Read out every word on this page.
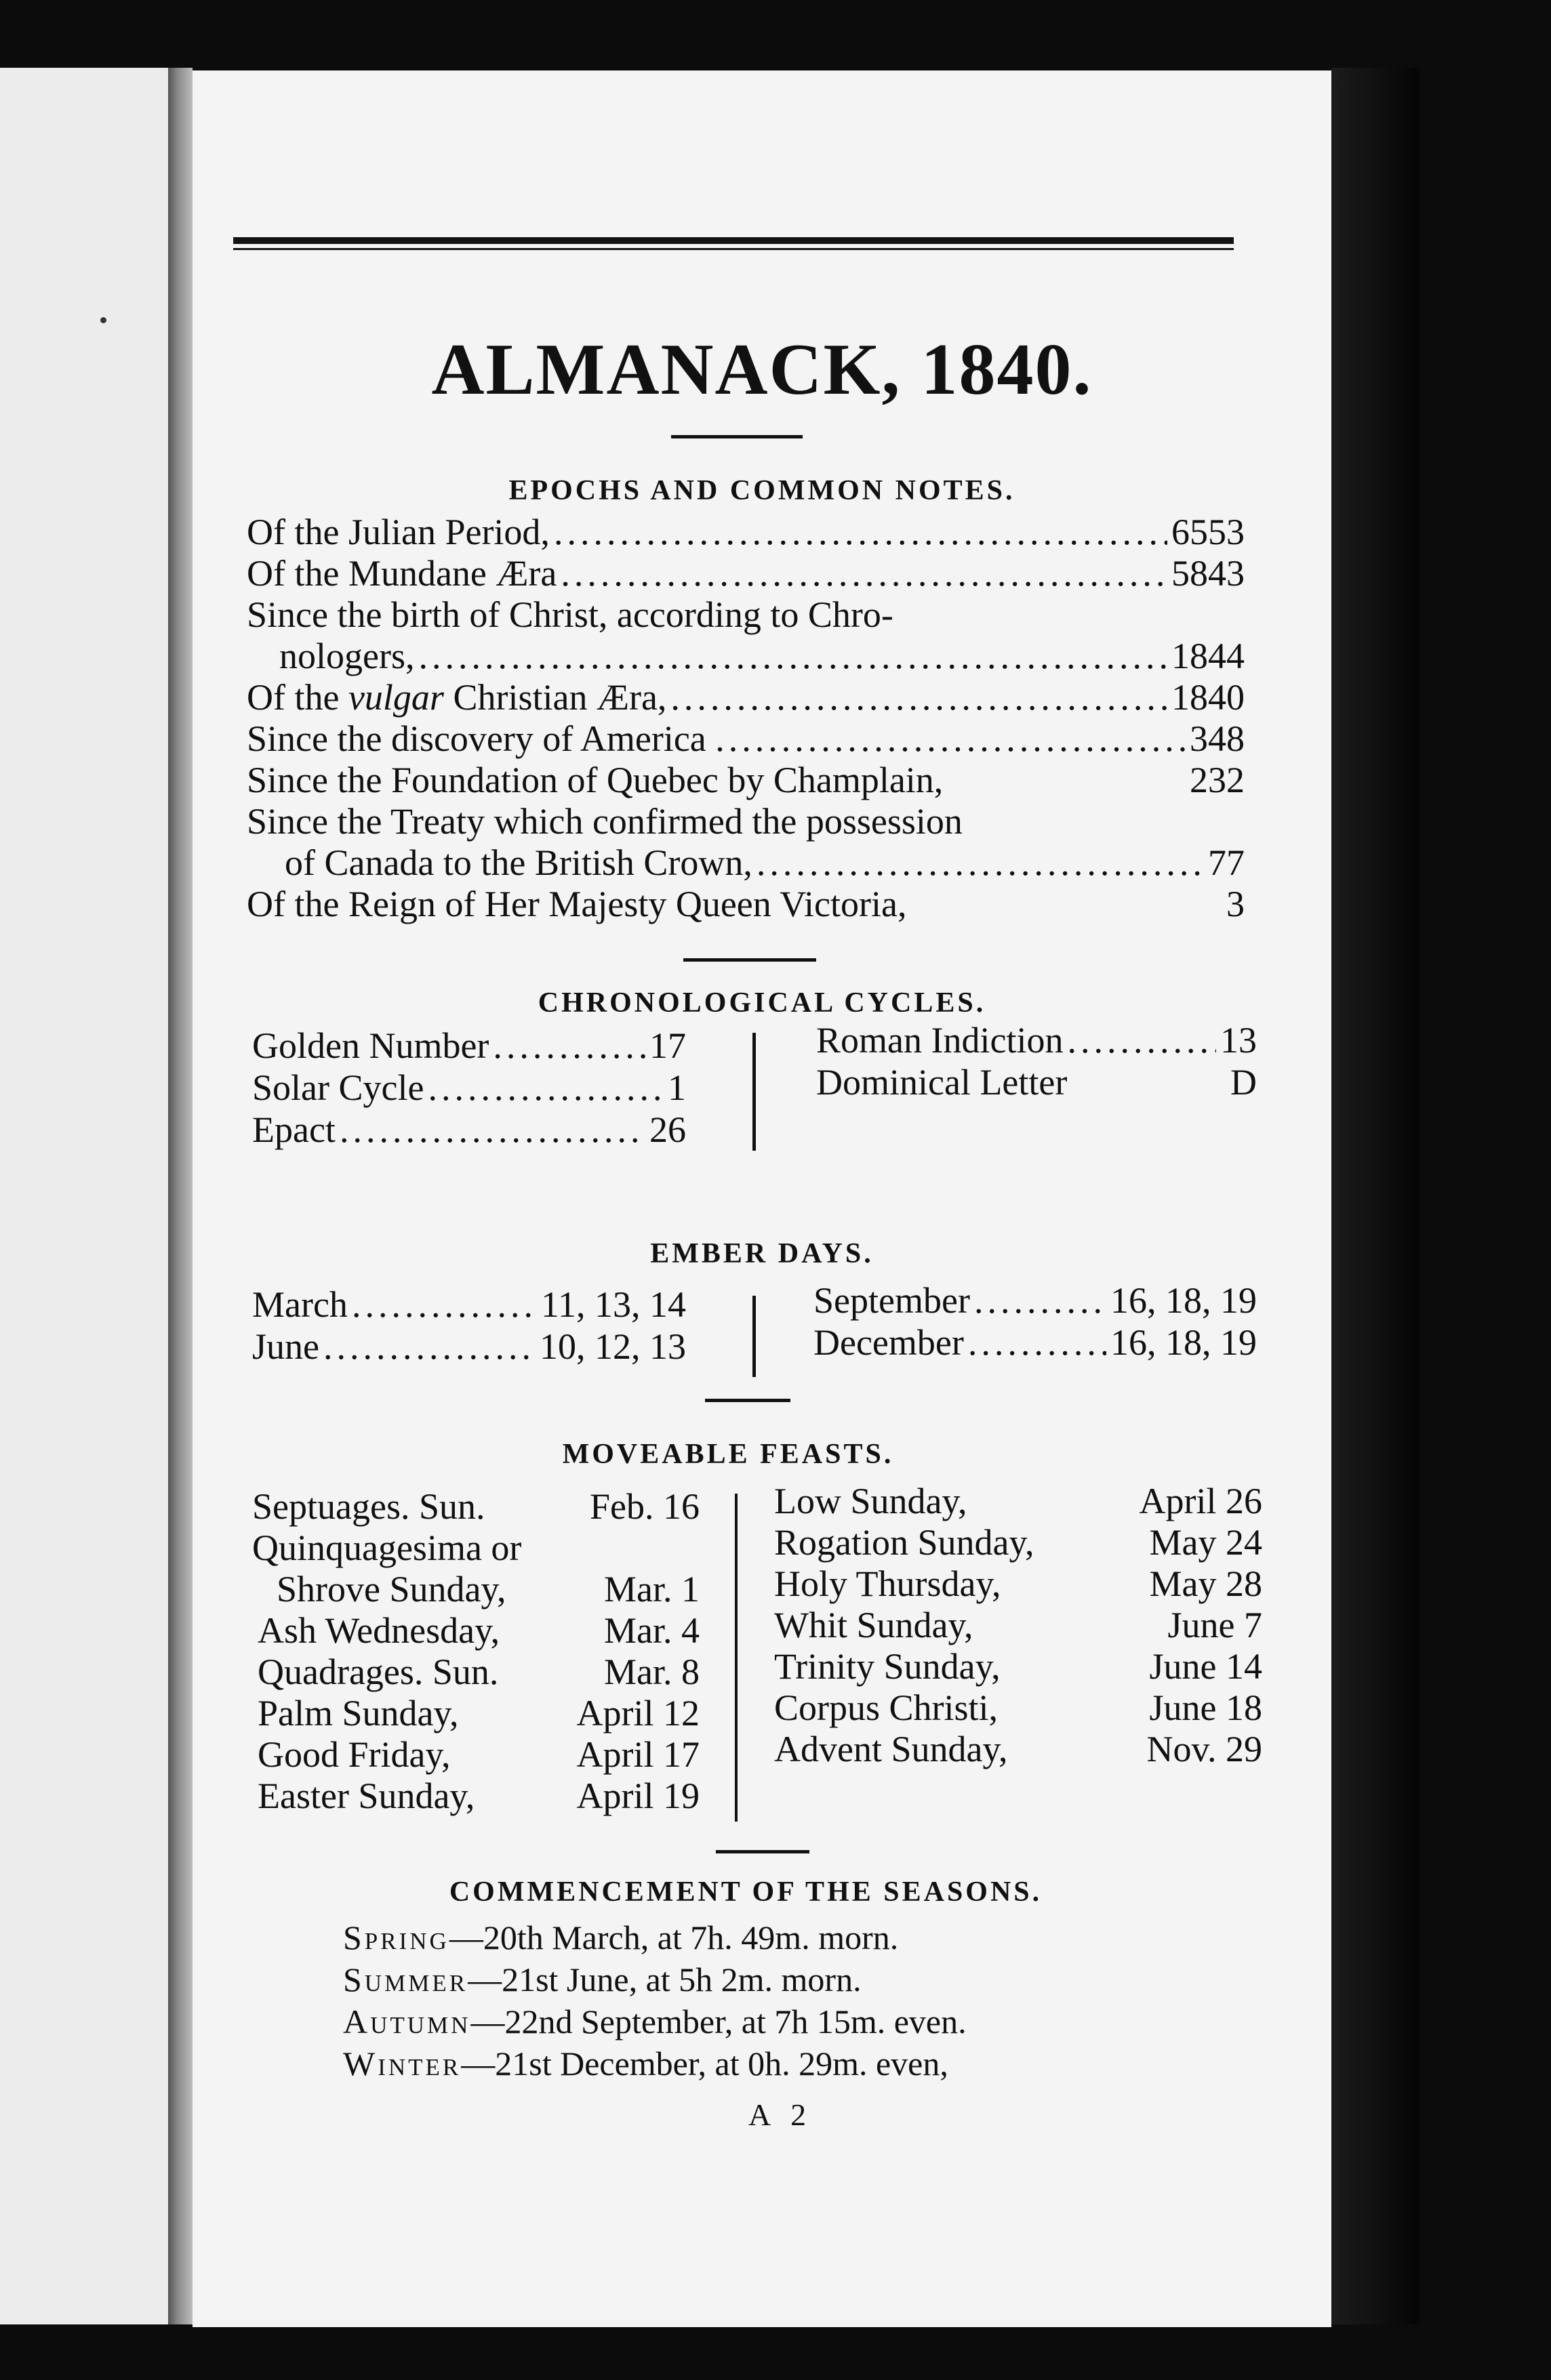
ALMANACK, 1840.
EPOCHS AND COMMON NOTES.
Of the Julian Period, .....	6553
Of the Mundane Æra .....	5843
Since the birth of Christ, according to Chro-
nologers, .....	1844
Of the vulgar Christian Æra, .....	1840
Since the discovery of America . .....	348
Since the Foundation of Quebec by Champlain,	232
Since the Treaty which confirmed the possession
of Canada to the British Crown, .....	77
Of the Reign of Her Majesty Queen Victoria,	3
CHRONOLOGICAL CYCLES.
Golden Number .....	17
Solar Cycle .....	1
Epact .....	26
Roman Indiction .....	13
Dominical Letter	D
EMBER DAYS.
March .....	11, 13, 14
June .....	10, 12, 13
September .....	16, 18, 19
December .....	16, 18, 19
MOVEABLE FEASTS.
Septuages. Sun.	Feb. 16
Quinquagesima or
Shrove Sunday,	Mar. 1
Ash Wednesday,	Mar. 4
Quadrages. Sun.	Mar. 8
Palm Sunday,	April 12
Good Friday,	April 17
Easter Sunday,	April 19
Low Sunday,	April 26
Rogation Sunday,	May 24
Holy Thursday,	May 28
Whit Sunday,	June 7
Trinity Sunday,	June 14
Corpus Christi,	June 18
Advent Sunday,	Nov. 29
COMMENCEMENT OF THE SEASONS.
Spring—20th March, at 7h. 49m. morn.
Summer—21st June, at 5h 2m. morn.
Autumn—22nd September, at 7h 15m. even.
Winter—21st December, at 0h. 29m. even,
A 2
